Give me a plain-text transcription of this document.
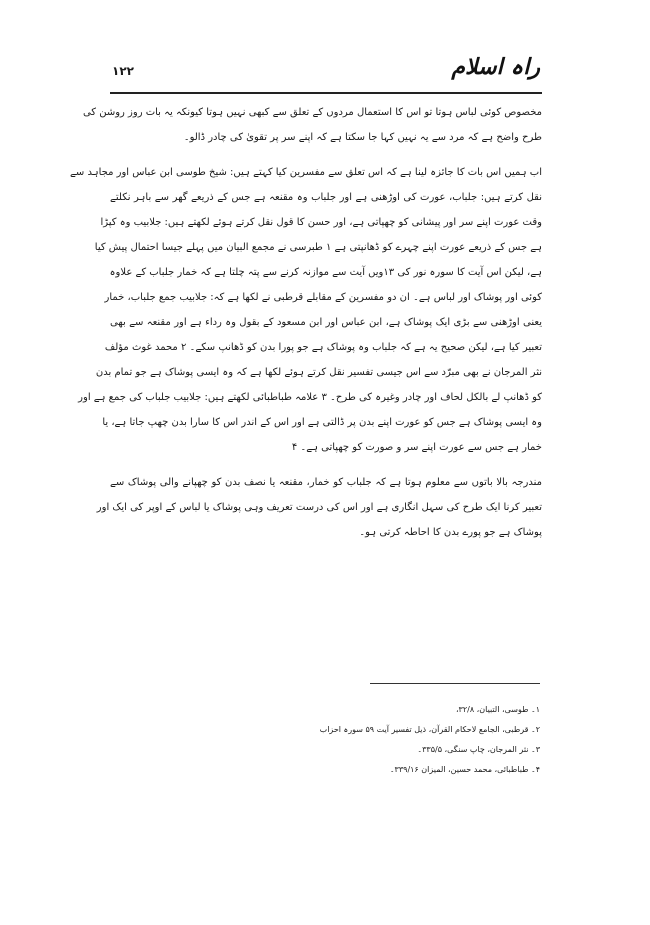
۱۲۲	راہ اسلام
مخصوص کوئی لباس ہوتا تو اس کا استعمال مردوں کے تعلق سے کبھی نہیں ہوتا کیونکہ یہ بات روز روشن کی
طرح واضح ہے کہ مرد سے یہ نہیں کہا جا سکتا ہے کہ اپنے سر پر تقویٰ کی چادر ڈالو۔
اب ہمیں اس بات کا جائزہ لینا ہے کہ اس تعلق سے مفسرین کیا کہتے ہیں: شیخ طوسی ابن عباس اور مجاہد سے
نقل کرتے ہیں: جلباب، عورت کی اوڑھنی ہے اور جلباب وہ مقنعہ ہے جس کے ذریعے گھر سے باہر نکلتے
وقت عورت اپنے سر اور پیشانی کو چھپاتی ہے، اور حسن کا قول نقل کرتے ہوئے لکھتے ہیں: جلابیب وہ کپڑا
ہے جس کے ذریعے عورت اپنے چہرے کو ڈھانپتی ہے ۱ طبرسی نے مجمع البیان میں پہلے جیسا احتمال پیش کیا
ہے، لیکن اس آیت کا سورہ نور کی ۱۳ویں آیت سے موازنہ کرنے سے پتہ چلتا ہے کہ خمار جلباب کے علاوہ
کوئی اور پوشاک اور لباس ہے۔ ان دو مفسرین کے مقابلے قرطبی نے لکھا ہے کہ: جلابیب جمع جلباب، خمار
یعنی اوڑھنی سے بڑی ایک پوشاک ہے، ابن عباس اور ابن مسعود کے بقول وہ رداء ہے اور مقنعہ سے بھی
تعبیر کیا ہے، لیکن صحیح یہ ہے کہ جلباب وہ پوشاک ہے جو پورا بدن کو ڈھانپ سکے۔ ۲ محمد غوث مؤلف
نثر المرجان نے بھی مبرّد سے اس جیسی تفسیر نقل کرتے ہوئے لکھا ہے کہ وہ ایسی پوشاک ہے جو تمام بدن
کو ڈھانپ لے بالکل لحاف اور چادر وغیرہ کی طرح۔ ۳ علامہ طباطبائی لکھتے ہیں: جلابیب جلباب کی جمع ہے اور
وہ ایسی پوشاک ہے جس کو عورت اپنے بدن پر ڈالتی ہے اور اس کے اندر اس کا سارا بدن چھپ جاتا ہے، یا
خمار ہے جس سے عورت اپنے سر و صورت کو چھپاتی ہے۔ ۴
مندرجہ بالا باتوں سے معلوم ہوتا ہے کہ جلباب کو خمار، مقنعہ یا نصف بدن کو چھپانے والی پوشاک سے
تعبیر کرنا ایک طرح کی سہل انگاری ہے اور اس کی درست تعریف وہی پوشاک یا لباس کے اوپر کی ایک اور
پوشاک ہے جو پورے بدن کا احاطہ کرتی ہو۔
۱۔ طوسی، التبیان، ۳۲/۸،
۲۔ قرطبی، الجامع لاحکام القرآن، ذیل تفسیر آیت ۵۹ سورہ احزاب
۳۔ نثر المرجان، چاپ سنگی، ۳۳۵/۵۔
۴۔ طباطبائی، محمد حسین، المیزان ۳۳۹/۱۶۔
